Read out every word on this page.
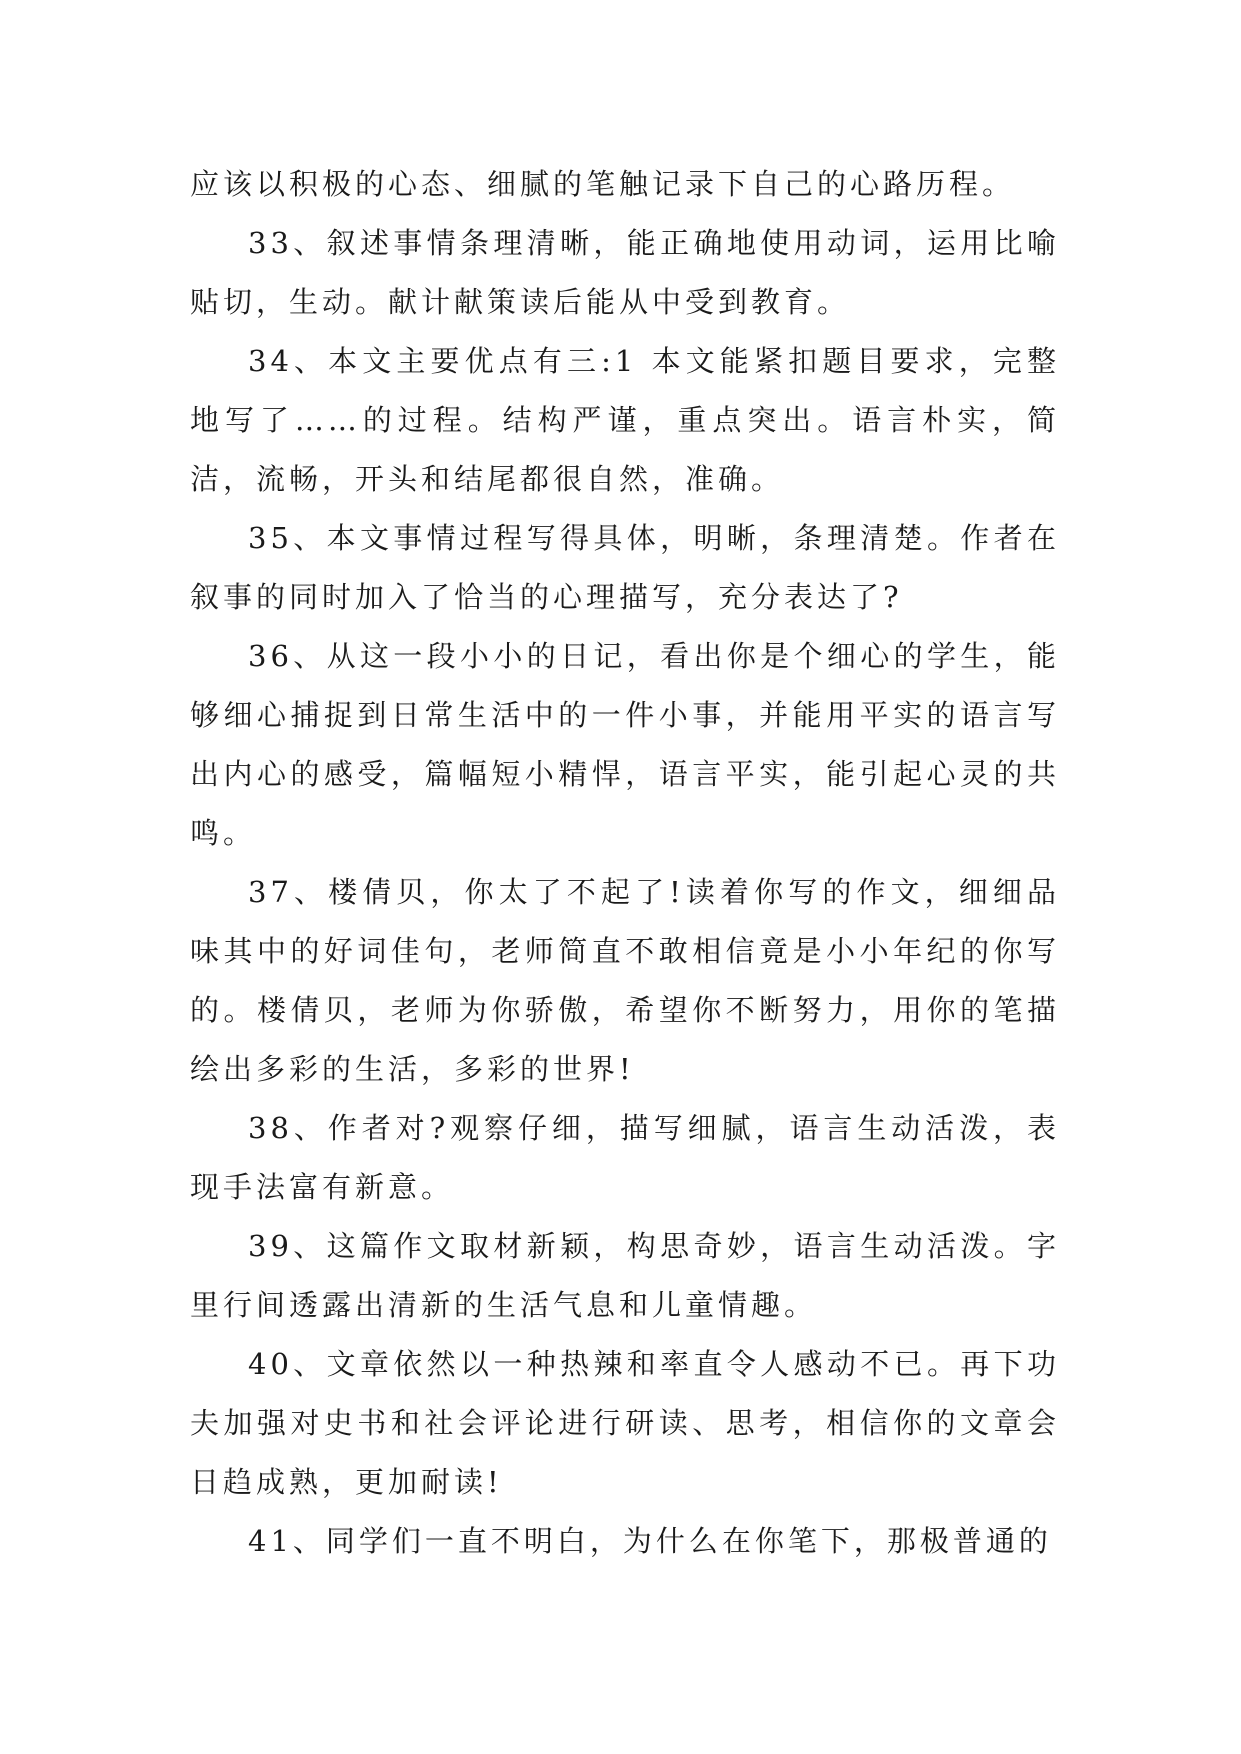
应该以积极的心态、细腻的笔触记录下自己的心路历程。

33、叙述事情条理清晰，能正确地使用动词，运用比喻贴切，生动。献计献策读后能从中受到教育。

34、本文主要优点有三:1 本文能紧扣题目要求，完整地写了……的过程。结构严谨，重点突出。语言朴实，简洁，流畅，开头和结尾都很自然，准确。

35、本文事情过程写得具体，明晰，条理清楚。作者在叙事的同时加入了恰当的心理描写，充分表达了?

36、从这一段小小的日记，看出你是个细心的学生，能够细心捕捉到日常生活中的一件小事，并能用平实的语言写出内心的感受，篇幅短小精悍，语言平实，能引起心灵的共鸣。

37、楼倩贝，你太了不起了!读着你写的作文，细细品味其中的好词佳句，老师简直不敢相信竟是小小年纪的你写的。楼倩贝，老师为你骄傲，希望你不断努力，用你的笔描绘出多彩的生活，多彩的世界!

38、作者对?观察仔细，描写细腻，语言生动活泼，表现手法富有新意。

39、这篇作文取材新颖，构思奇妙，语言生动活泼。字里行间透露出清新的生活气息和儿童情趣。

40、文章依然以一种热辣和率直令人感动不已。再下功夫加强对史书和社会评论进行研读、思考，相信你的文章会日趋成熟，更加耐读!

41、同学们一直不明白，为什么在你笔下，那极普通的
